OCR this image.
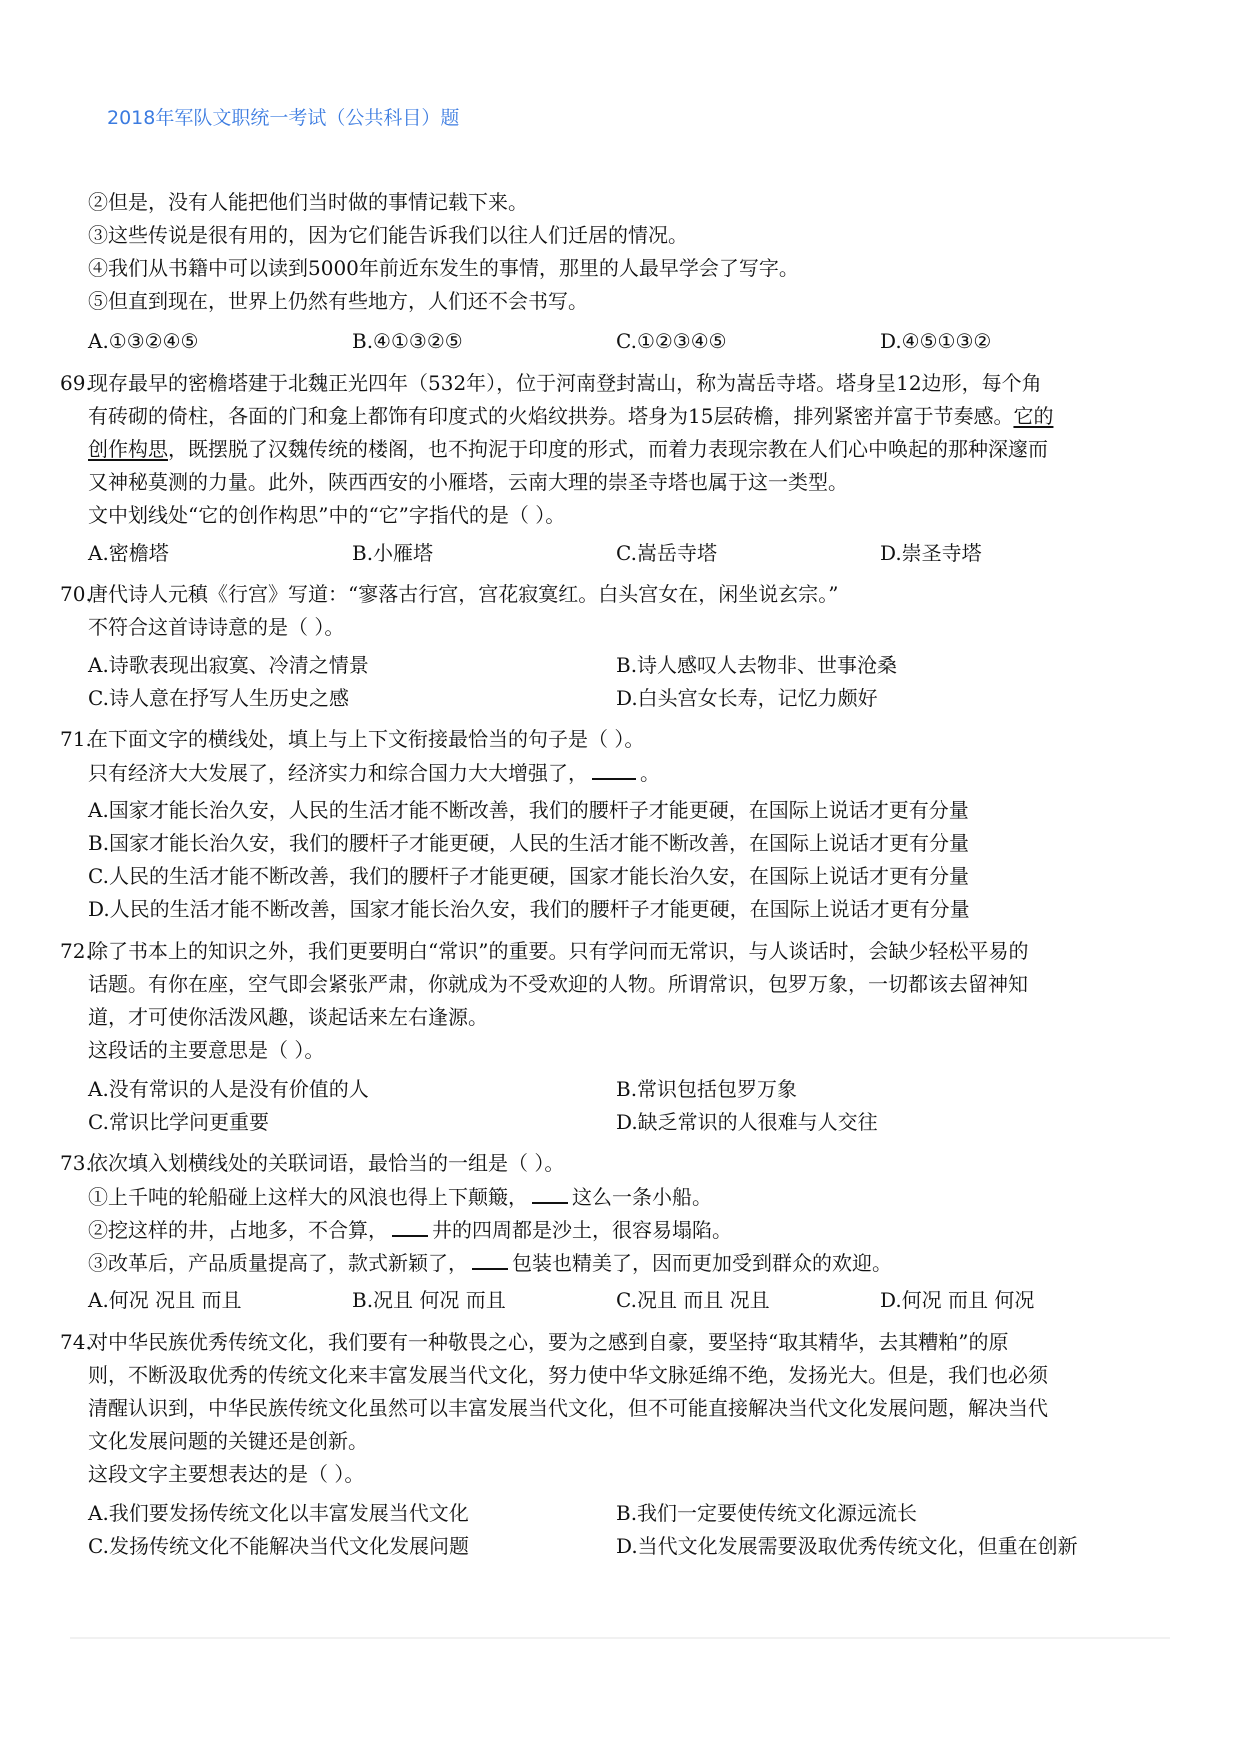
2018年军队文职统一考试（公共科目）题
②但是，没有人能把他们当时做的事情记载下来。
③这些传说是很有用的，因为它们能告诉我们以往人们迁居的情况。
④我们从书籍中可以读到5000年前近东发生的事情，那里的人最早学会了写字。
⑤但直到现在，世界上仍然有些地方，人们还不会书写。
A.①③②④⑤	B.④①③②⑤	C.①②③④⑤	D.④⑤①③②
69.
现存最早的密檐塔建于北魏正光四年（532年），位于河南登封嵩山，称为嵩岳寺塔。塔身呈12边形，每个角
有砖砌的倚柱，各面的门和龛上都饰有印度式的火焰纹拱券。塔身为15层砖檐，排列紧密并富于节奏感。它的
创作构思，既摆脱了汉魏传统的楼阁，也不拘泥于印度的形式，而着力表现宗教在人们心中唤起的那种深邃而
又神秘莫测的力量。此外，陕西西安的小雁塔，云南大理的崇圣寺塔也属于这一类型。
文中划线处“它的创作构思”中的“它”字指代的是（ ）。
A.密檐塔	B.小雁塔	C.嵩岳寺塔	D.崇圣寺塔
70.
唐代诗人元稹《行宫》写道：“寥落古行宫，宫花寂寞红。白头宫女在，闲坐说玄宗。”
不符合这首诗诗意的是（ ）。
A.诗歌表现出寂寞、冷清之情景	B.诗人感叹人去物非、世事沧桑
C.诗人意在抒写人生历史之感	D.白头宫女长寿，记忆力颇好
71.
在下面文字的横线处，填上与上下文衔接最恰当的句子是（ ）。
只有经济大大发展了，经济实力和综合国力大大增强了，	。
A.国家才能长治久安，人民的生活才能不断改善，我们的腰杆子才能更硬，在国际上说话才更有分量
B.国家才能长治久安，我们的腰杆子才能更硬，人民的生活才能不断改善，在国际上说话才更有分量
C.人民的生活才能不断改善，我们的腰杆子才能更硬，国家才能长治久安，在国际上说话才更有分量
D.人民的生活才能不断改善，国家才能长治久安，我们的腰杆子才能更硬，在国际上说话才更有分量
72.
除了书本上的知识之外，我们更要明白“常识”的重要。只有学问而无常识，与人谈话时，会缺少轻松平易的
话题。有你在座，空气即会紧张严肃，你就成为不受欢迎的人物。所谓常识，包罗万象，一切都该去留神知
道，才可使你活泼风趣，谈起话来左右逢源。
这段话的主要意思是（ ）。
A.没有常识的人是没有价值的人	B.常识包括包罗万象
C.常识比学问更重要	D.缺乏常识的人很难与人交往
73.
依次填入划横线处的关联词语，最恰当的一组是（ ）。
①上千吨的轮船碰上这样大的风浪也得上下颠簸， 这么一条小船。
②挖这样的井，占地多，不合算， 井的四周都是沙土，很容易塌陷。
③改革后，产品质量提高了，款式新颖了， 包装也精美了，因而更加受到群众的欢迎。
A.何况 况且 而且	B.况且 何况 而且	C.况且 而且 况且	D.何况 而且 何况
74.
对中华民族优秀传统文化，我们要有一种敬畏之心，要为之感到自豪，要坚持“取其精华，去其糟粕”的原
则，不断汲取优秀的传统文化来丰富发展当代文化，努力使中华文脉延绵不绝，发扬光大。但是，我们也必须
清醒认识到，中华民族传统文化虽然可以丰富发展当代文化，但不可能直接解决当代文化发展问题，解决当代
文化发展问题的关键还是创新。
这段文字主要想表达的是（ ）。
A.我们要发扬传统文化以丰富发展当代文化	B.我们一定要使传统文化源远流长
C.发扬传统文化不能解决当代文化发展问题	D.当代文化发展需要汲取优秀传统文化，但重在创新
